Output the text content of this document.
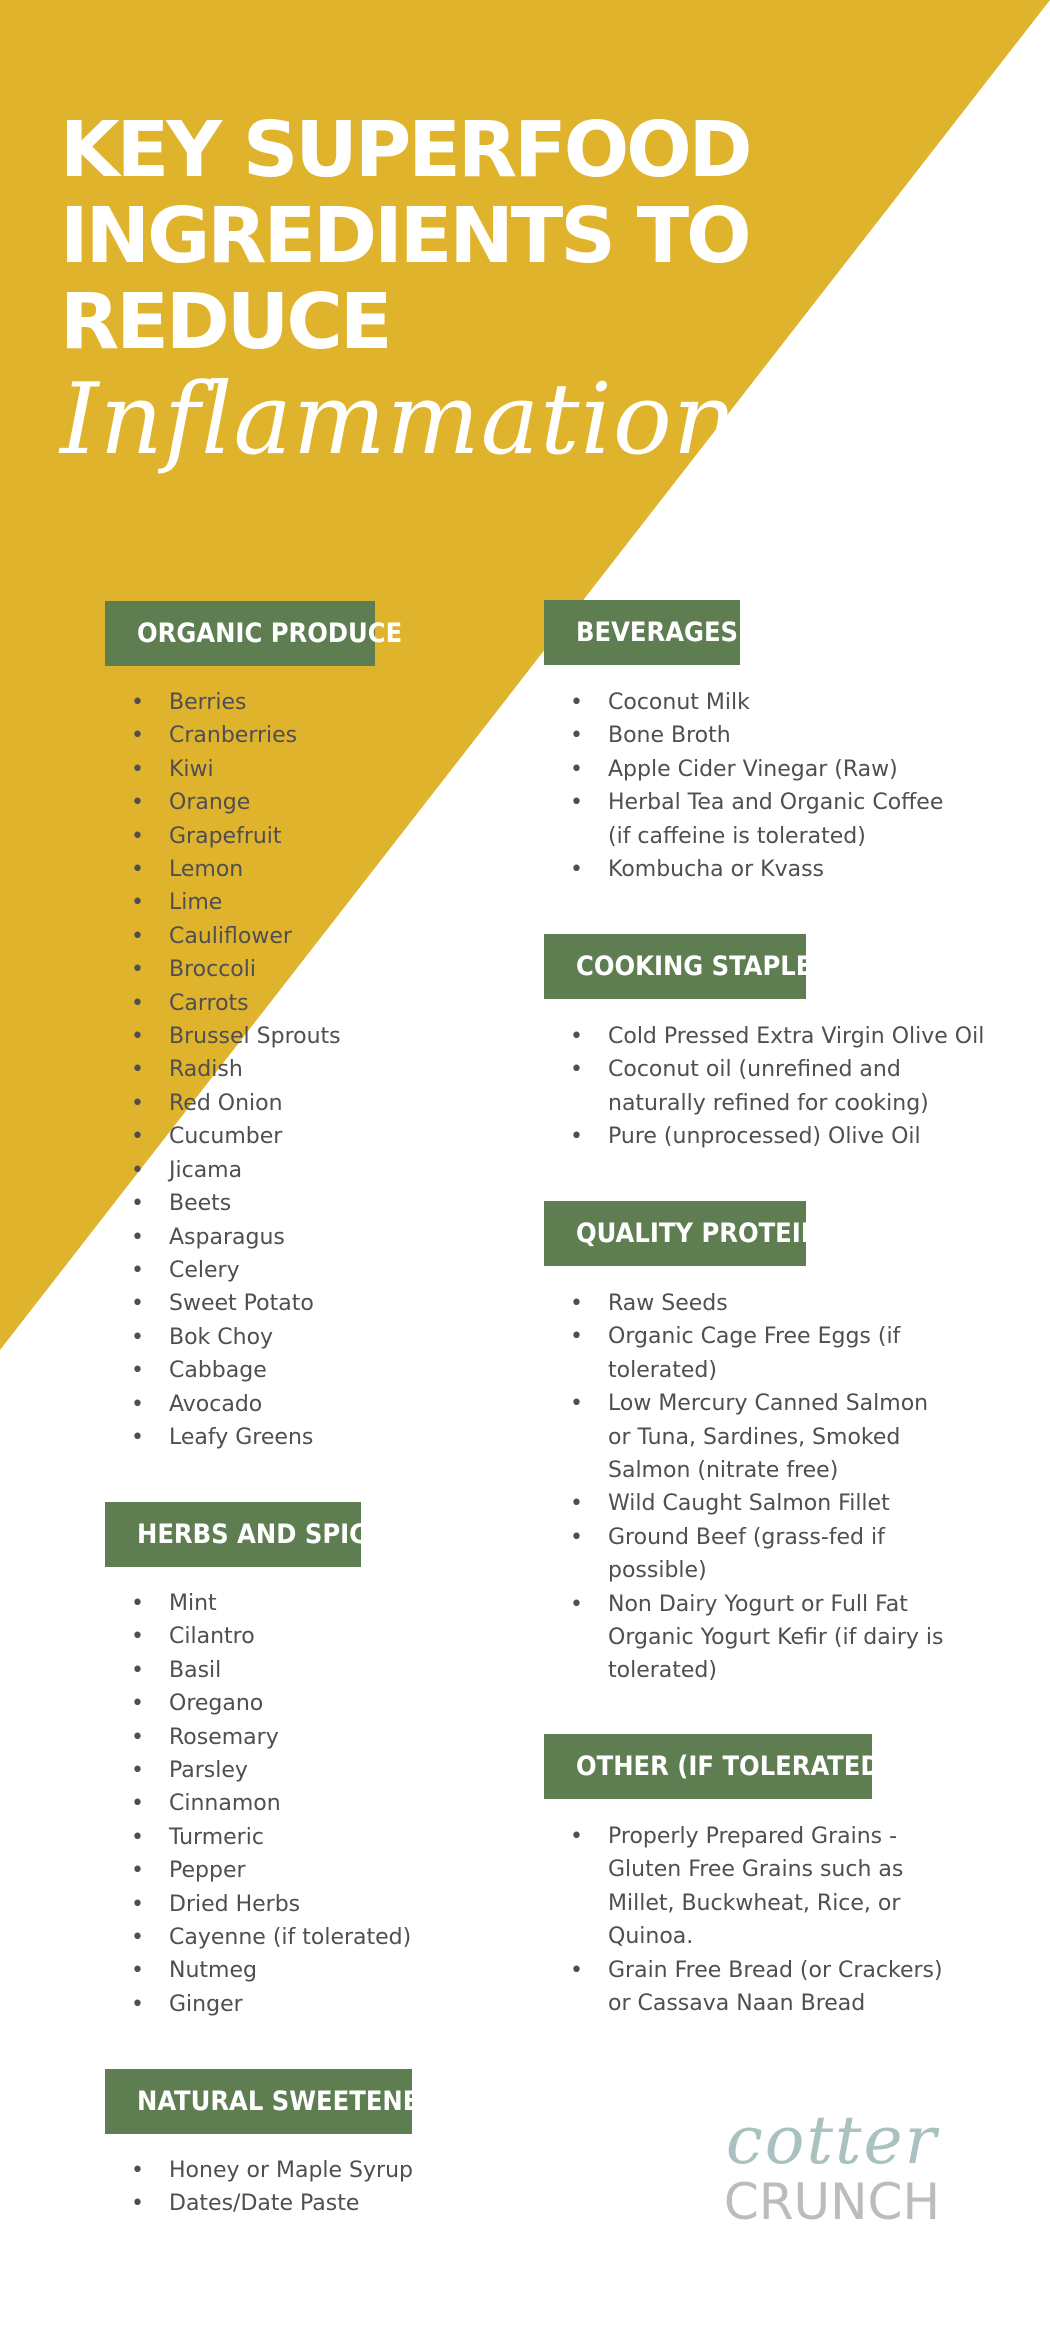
KEY SUPERFOOD
INGREDIENTS TO
REDUCE
Inflammation
ORGANIC PRODUCE
• Berries
• Cranberries
• Kiwi
• Orange
• Grapefruit
• Lemon
• Lime
• Cauliflower
• Broccoli
• Carrots
• Brussel Sprouts
• Radish
• Red Onion
• Cucumber
• Jicama
• Beets
• Asparagus
• Celery
• Sweet Potato
• Bok Choy
• Cabbage
• Avocado
• Leafy Greens
HERBS AND SPICES
• Mint
• Cilantro
• Basil
• Oregano
• Rosemary
• Parsley
• Cinnamon
• Turmeric
• Pepper
• Dried Herbs
• Cayenne (if tolerated)
• Nutmeg
• Ginger
NATURAL SWEETENERS
• Honey or Maple Syrup
• Dates/Date Paste
BEVERAGES
• Coconut Milk
• Bone Broth
• Apple Cider Vinegar (Raw)
• Herbal Tea and Organic Coffee
(if caffeine is tolerated)
• Kombucha or Kvass
COOKING STAPLES
• Cold Pressed Extra Virgin Olive Oil
• Coconut oil (unrefined and
naturally refined for cooking)
• Pure (unprocessed) Olive Oil
QUALITY PROTEIN
• Raw Seeds
• Organic Cage Free Eggs (if
tolerated)
• Low Mercury Canned Salmon
or Tuna, Sardines, Smoked
Salmon (nitrate free)
• Wild Caught Salmon Fillet
• Ground Beef (grass-fed if
possible)
• Non Dairy Yogurt or Full Fat
Organic Yogurt Kefir (if dairy is
tolerated)
OTHER (IF TOLERATED)
• Properly Prepared Grains -
Gluten Free Grains such as
Millet, Buckwheat, Rice, or
Quinoa.
• Grain Free Bread (or Crackers)
or Cassava Naan Bread
cotter
CRUNCH
